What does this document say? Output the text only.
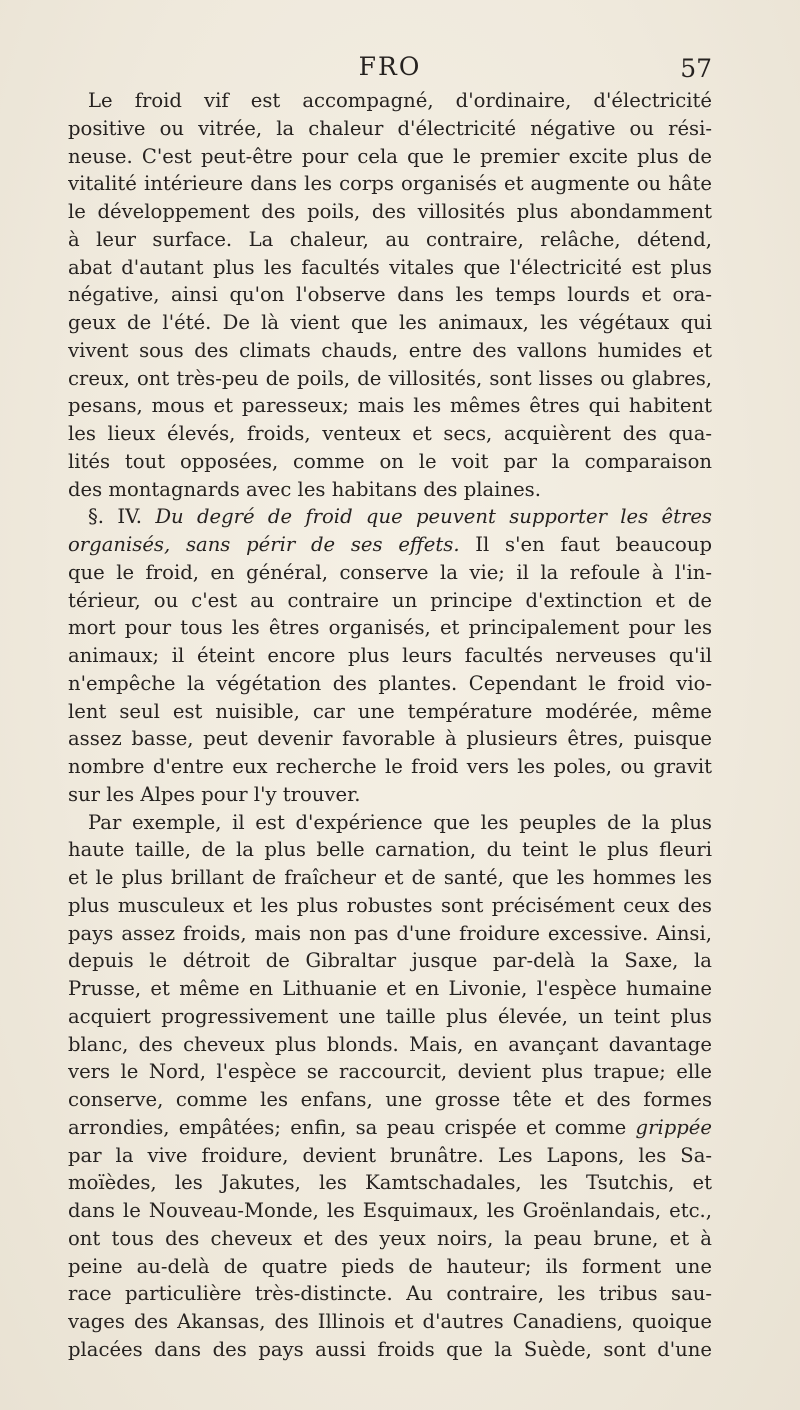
FRO	57
Le froid vif est accompagné, d'ordinaire, d'électricité
positive ou vitrée, la chaleur d'électricité négative ou rési-
neuse. C'est peut-être pour cela que le premier excite plus de
vitalité intérieure dans les corps organisés et augmente ou hâte
le développement des poils, des villosités plus abondamment
à leur surface. La chaleur, au contraire, relâche, détend,
abat d'autant plus les facultés vitales que l'électricité est plus
négative, ainsi qu'on l'observe dans les temps lourds et ora-
geux de l'été. De là vient que les animaux, les végétaux qui
vivent sous des climats chauds, entre des vallons humides et
creux, ont très-peu de poils, de villosités, sont lisses ou glabres,
pesans, mous et paresseux; mais les mêmes êtres qui habitent
les lieux élevés, froids, venteux et secs, acquièrent des qua-
lités tout opposées, comme on le voit par la comparaison
des montagnards avec les habitans des plaines.
§. IV. Du degré de froid que peuvent supporter les êtres
organisés, sans périr de ses effets. Il s'en faut beaucoup
que le froid, en général, conserve la vie; il la refoule à l'in-
térieur, ou c'est au contraire un principe d'extinction et de
mort pour tous les êtres organisés, et principalement pour les
animaux; il éteint encore plus leurs facultés nerveuses qu'il
n'empêche la végétation des plantes. Cependant le froid vio-
lent seul est nuisible, car une température modérée, même
assez basse, peut devenir favorable à plusieurs êtres, puisque
nombre d'entre eux recherche le froid vers les poles, ou gravit
sur les Alpes pour l'y trouver.
Par exemple, il est d'expérience que les peuples de la plus
haute taille, de la plus belle carnation, du teint le plus fleuri
et le plus brillant de fraîcheur et de santé, que les hommes les
plus musculeux et les plus robustes sont précisément ceux des
pays assez froids, mais non pas d'une froidure excessive. Ainsi,
depuis le détroit de Gibraltar jusque par-delà la Saxe, la
Prusse, et même en Lithuanie et en Livonie, l'espèce humaine
acquiert progressivement une taille plus élevée, un teint plus
blanc, des cheveux plus blonds. Mais, en avançant davantage
vers le Nord, l'espèce se raccourcit, devient plus trapue; elle
conserve, comme les enfans, une grosse tête et des formes
arrondies, empâtées; enfin, sa peau crispée et comme grippée
par la vive froidure, devient brunâtre. Les Lapons, les Sa-
moïèdes, les Jakutes, les Kamtschadales, les Tsutchis, et
dans le Nouveau-Monde, les Esquimaux, les Groënlandais, etc.,
ont tous des cheveux et des yeux noirs, la peau brune, et à
peine au-delà de quatre pieds de hauteur; ils forment une
race particulière très-distincte. Au contraire, les tribus sau-
vages des Akansas, des Illinois et d'autres Canadiens, quoique
placées dans des pays aussi froids que la Suède, sont d'une
